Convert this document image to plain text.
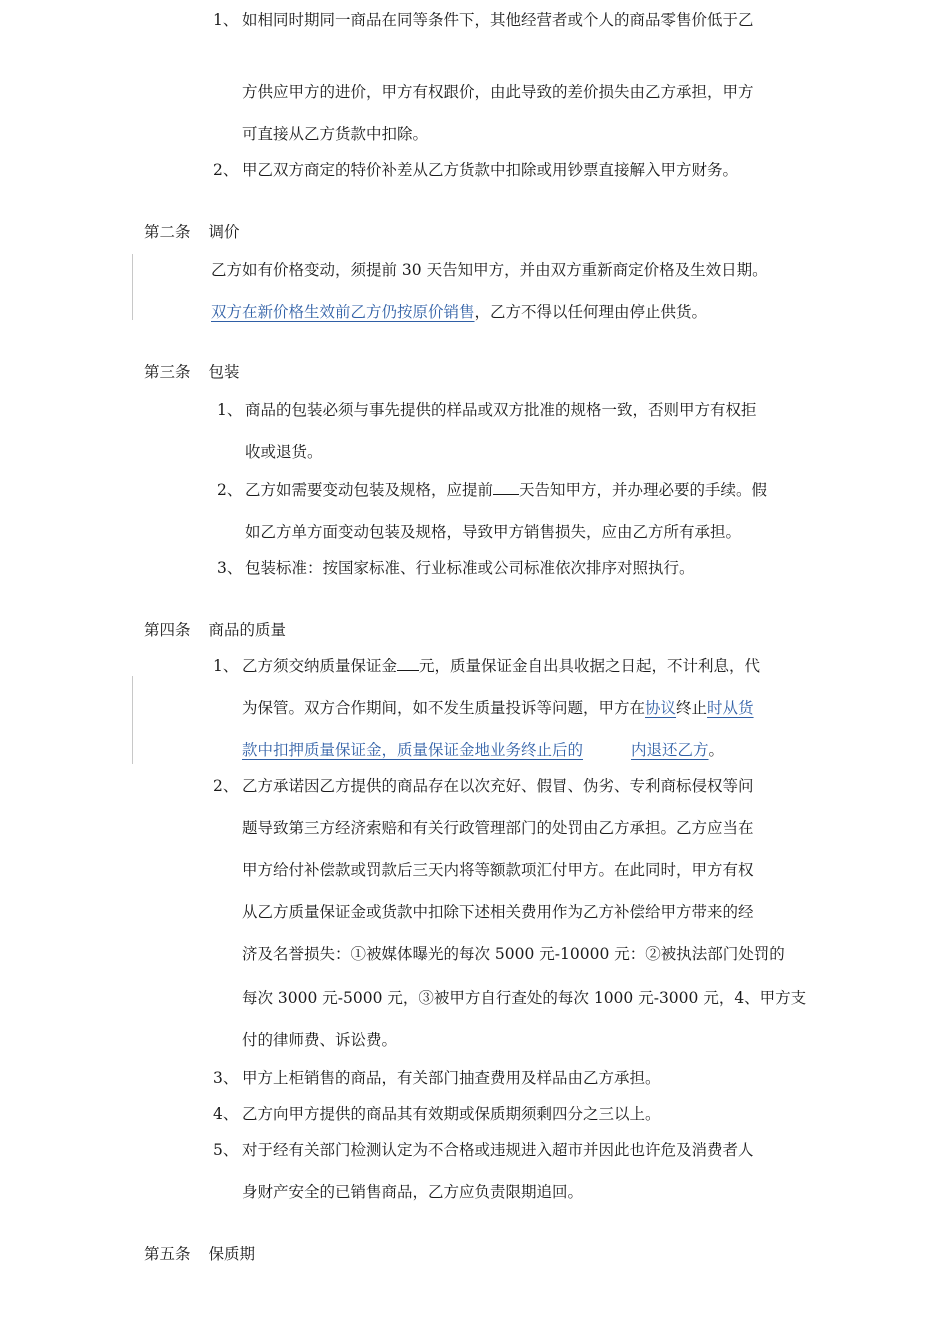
1、 如相同时期同一商品在同等条件下，其他经营者或个人的商品零售价低于乙
方供应甲方的进价，甲方有权跟价，由此导致的差价损失由乙方承担，甲方
可直接从乙方货款中扣除。
2、 甲乙双方商定的特价补差从乙方货款中扣除或用钞票直接解入甲方财务。
第二条 调价
乙方如有价格变动，须提前 30 天告知甲方，并由双方重新商定价格及生效日期。
双方在新价格生效前乙方仍按原价销售，乙方不得以任何理由停止供货。
第三条 包装
1、 商品的包装必须与事先提供的样品或双方批准的规格一致，否则甲方有权拒
收或退货。
2、 乙方如需要变动包装及规格，应提前 天告知甲方，并办理必要的手续。假
如乙方单方面变动包装及规格，导致甲方销售损失，应由乙方所有承担。
3、 包装标准：按国家标准、行业标准或公司标准依次排序对照执行。
第四条 商品的质量
1、 乙方须交纳质量保证金 元，质量保证金自出具收据之日起，不计利息，代
为保管。双方合作期间，如不发生质量投诉等问题，甲方在协议终止时从货
款中扣押质量保证金，质量保证金地业务终止后的	内退还乙方。
2、 乙方承诺因乙方提供的商品存在以次充好、假冒、伪劣、专利商标侵权等问
题导致第三方经济索赔和有关行政管理部门的处罚由乙方承担。乙方应当在
甲方给付补偿款或罚款后三天内将等额款项汇付甲方。在此同时，甲方有权
从乙方质量保证金或货款中扣除下述相关费用作为乙方补偿给甲方带来的经
济及名誉损失：①被媒体曝光的每次 5000 元-10000 元：②被执法部门处罚的
每次 3000 元-5000 元，③被甲方自行查处的每次 1000 元-3000 元，4、甲方支
付的律师费、诉讼费。
3、 甲方上柜销售的商品，有关部门抽查费用及样品由乙方承担。
4、 乙方向甲方提供的商品其有效期或保质期须剩四分之三以上。
5、 对于经有关部门检测认定为不合格或违规进入超市并因此也许危及消费者人
身财产安全的已销售商品，乙方应负责限期追回。
第五条 保质期
